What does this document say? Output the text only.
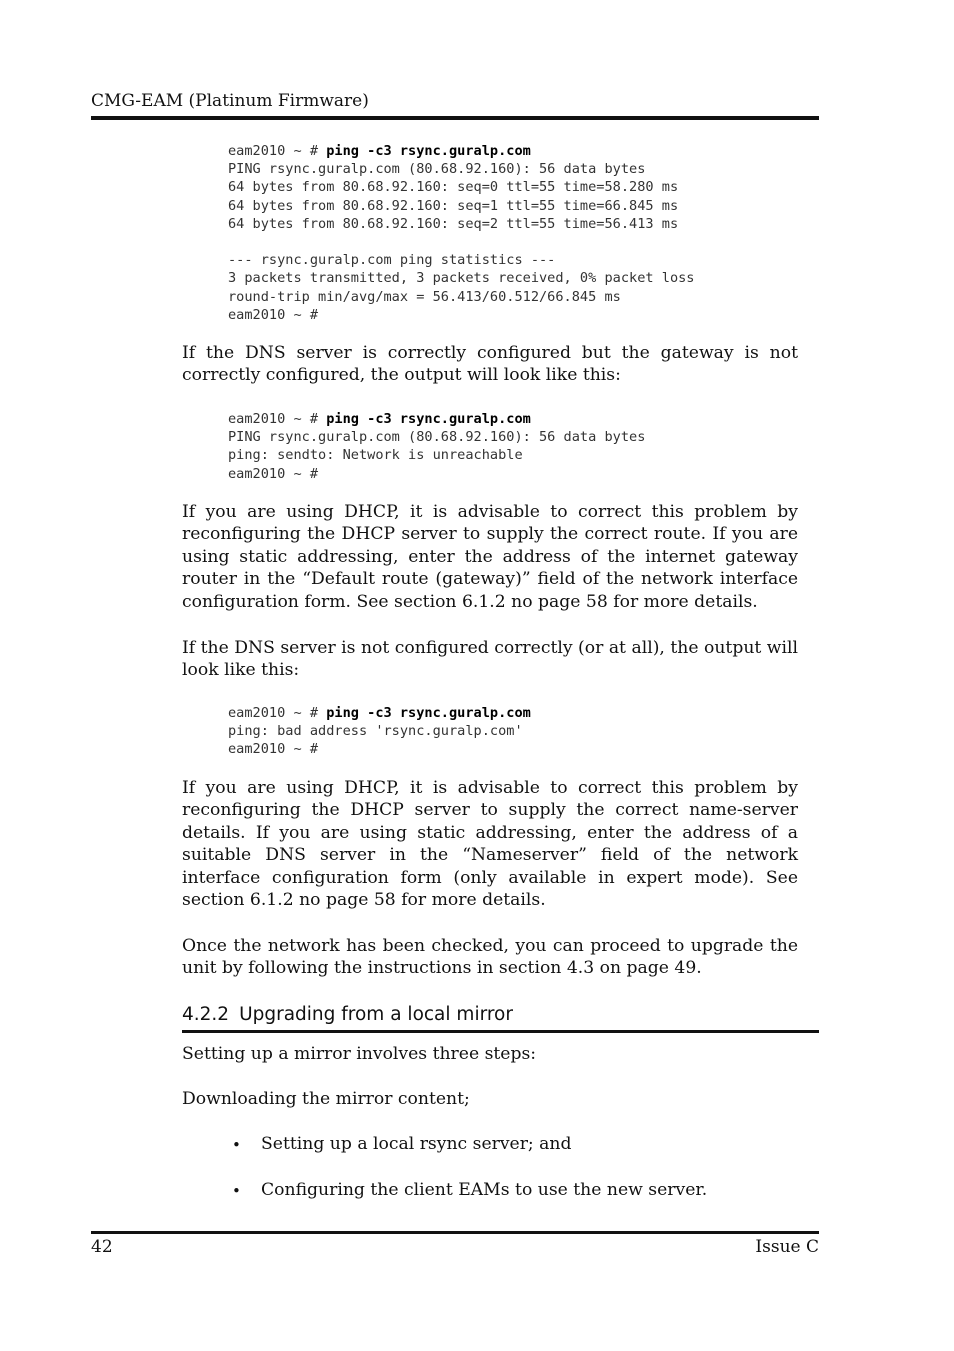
CMG-EAM (Platinum Firmware)
eam2010 ~ # ping -c3 rsync.guralp.com
PING rsync.guralp.com (80.68.92.160): 56 data bytes
64 bytes from 80.68.92.160: seq=0 ttl=55 time=58.280 ms
64 bytes from 80.68.92.160: seq=1 ttl=55 time=66.845 ms
64 bytes from 80.68.92.160: seq=2 ttl=55 time=56.413 ms
--- rsync.guralp.com ping statistics ---
3 packets transmitted, 3 packets received, 0% packet loss
round-trip min/avg/max = 56.413/60.512/66.845 ms
eam2010 ~ #

If the DNS server is correctly configured but the gateway is not correctly configured, the output will look like this:

eam2010 ~ # ping -c3 rsync.guralp.com
PING rsync.guralp.com (80.68.92.160): 56 data bytes
ping: sendto: Network is unreachable
eam2010 ~ #

If you are using DHCP, it is advisable to correct this problem by reconfiguring the DHCP server to supply the correct route. If you are using static addressing, enter the address of the internet gateway router in the “Default route (gateway)” field of the network interface configuration form. See section 6.1.2 no page 58 for more details.

If the DNS server is not configured correctly (or at all), the output will look like this:

eam2010 ~ # ping -c3 rsync.guralp.com
ping: bad address 'rsync.guralp.com'
eam2010 ~ #

If you are using DHCP, it is advisable to correct this problem by reconfiguring the DHCP server to supply the correct name-server details. If you are using static addressing, enter the address of a suitable DNS server in the “Nameserver” field of the network interface configuration form (only available in expert mode). See section 6.1.2 no page 58 for more details.

Once the network has been checked, you can proceed to upgrade the unit by following the instructions in section 4.3 on page 49.

4.2.2 Upgrading from a local mirror

Setting up a mirror involves three steps:

Downloading the mirror content;

• Setting up a local rsync server; and
• Configuring the client EAMs to use the new server.
42	Issue C
